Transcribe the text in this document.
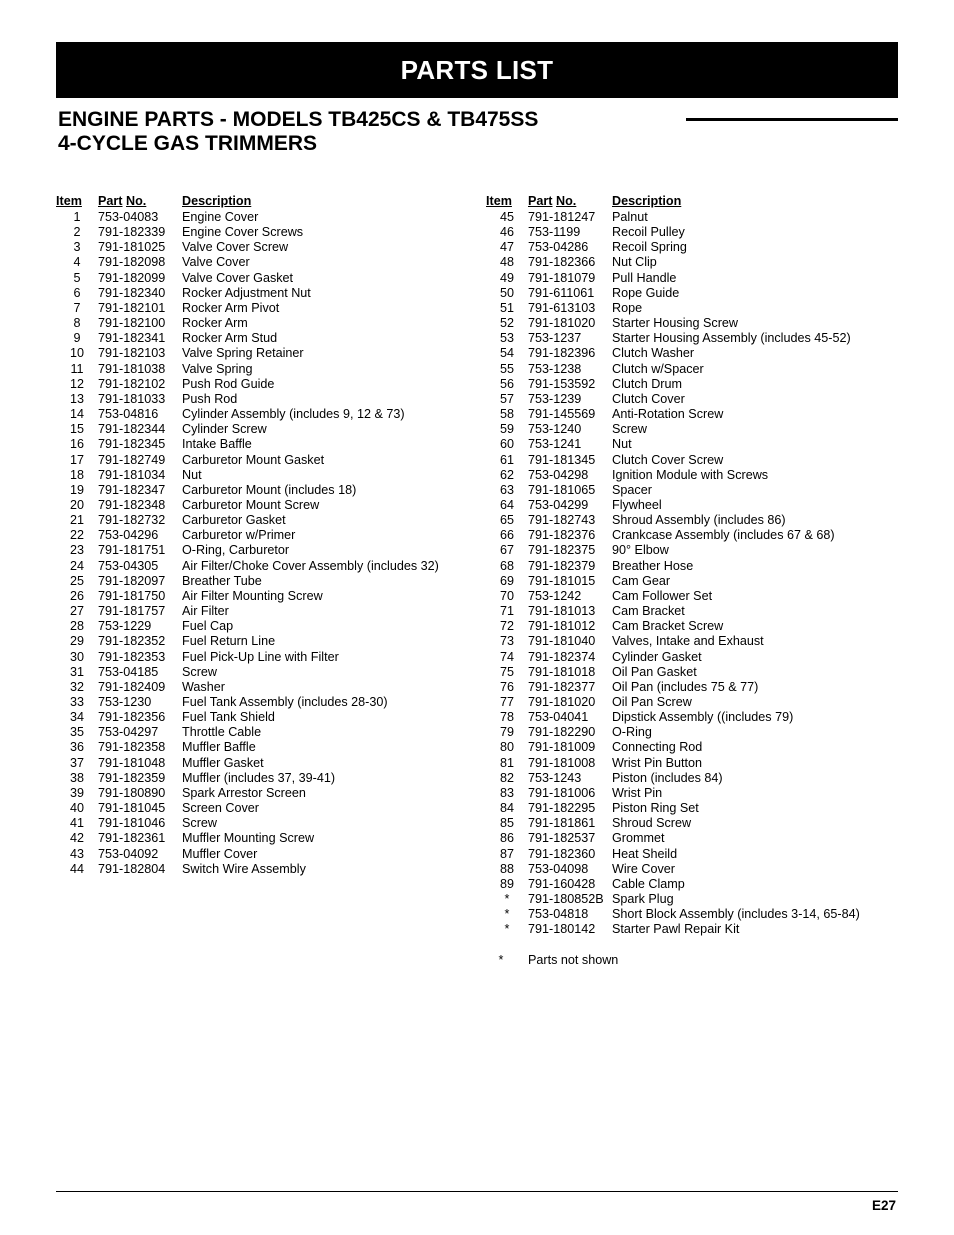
PARTS LIST
ENGINE PARTS - MODELS TB425CS & TB475SS
4-CYCLE GAS TRIMMERS
Item	Part No.	Description
1	753-04083	Engine Cover
2	791-182339	Engine Cover Screws
3	791-181025	Valve Cover Screw
4	791-182098	Valve Cover
5	791-182099	Valve Cover Gasket
6	791-182340	Rocker Adjustment Nut
7	791-182101	Rocker Arm Pivot
8	791-182100	Rocker Arm
9	791-182341	Rocker Arm Stud
10	791-182103	Valve Spring Retainer
11	791-181038	Valve Spring
12	791-182102	Push Rod Guide
13	791-181033	Push Rod
14	753-04816	Cylinder Assembly (includes 9, 12 & 73)
15	791-182344	Cylinder Screw
16	791-182345	Intake Baffle
17	791-182749	Carburetor Mount Gasket
18	791-181034	Nut
19	791-182347	Carburetor Mount (includes 18)
20	791-182348	Carburetor Mount Screw
21	791-182732	Carburetor Gasket
22	753-04296	Carburetor w/Primer
23	791-181751	O-Ring, Carburetor
24	753-04305	Air Filter/Choke Cover Assembly (includes 32)
25	791-182097	Breather Tube
26	791-181750	Air Filter Mounting Screw
27	791-181757	Air Filter
28	753-1229	Fuel Cap
29	791-182352	Fuel Return Line
30	791-182353	Fuel Pick-Up Line with Filter
31	753-04185	Screw
32	791-182409	Washer
33	753-1230	Fuel Tank Assembly (includes 28-30)
34	791-182356	Fuel Tank Shield
35	753-04297	Throttle Cable
36	791-182358	Muffler Baffle
37	791-181048	Muffler Gasket
38	791-182359	Muffler (includes 37, 39-41)
39	791-180890	Spark Arrestor Screen
40	791-181045	Screen Cover
41	791-181046	Screw
42	791-182361	Muffler Mounting Screw
43	753-04092	Muffler Cover
44	791-182804	Switch Wire Assembly
Item	Part No.	Description
45	791-181247	Palnut
46	753-1199	Recoil Pulley
47	753-04286	Recoil Spring
48	791-182366	Nut Clip
49	791-181079	Pull Handle
50	791-611061	Rope Guide
51	791-613103	Rope
52	791-181020	Starter Housing Screw
53	753-1237	Starter Housing Assembly (includes 45-52)
54	791-182396	Clutch Washer
55	753-1238	Clutch w/Spacer
56	791-153592	Clutch Drum
57	753-1239	Clutch Cover
58	791-145569	Anti-Rotation Screw
59	753-1240	Screw
60	753-1241	Nut
61	791-181345	Clutch Cover Screw
62	753-04298	Ignition Module with Screws
63	791-181065	Spacer
64	753-04299	Flywheel
65	791-182743	Shroud Assembly (includes 86)
66	791-182376	Crankcase Assembly (includes 67 & 68)
67	791-182375	90° Elbow
68	791-182379	Breather Hose
69	791-181015	Cam Gear
70	753-1242	Cam Follower Set
71	791-181013	Cam Bracket
72	791-181012	Cam Bracket Screw
73	791-181040	Valves, Intake and Exhaust
74	791-182374	Cylinder Gasket
75	791-181018	Oil Pan Gasket
76	791-182377	Oil Pan (includes 75 & 77)
77	791-181020	Oil Pan Screw
78	753-04041	Dipstick Assembly ((includes 79)
79	791-182290	O-Ring
80	791-181009	Connecting Rod
81	791-181008	Wrist Pin Button
82	753-1243	Piston (includes 84)
83	791-181006	Wrist Pin
84	791-182295	Piston Ring Set
85	791-181861	Shroud Screw
86	791-182537	Grommet
87	791-182360	Heat Sheild
88	753-04098	Wire Cover
89	791-160428	Cable Clamp
*	791-180852B	Spark Plug
*	753-04818	Short Block Assembly (includes 3-14, 65-84)
*	791-180142	Starter Pawl Repair Kit
* Parts not shown
E27
